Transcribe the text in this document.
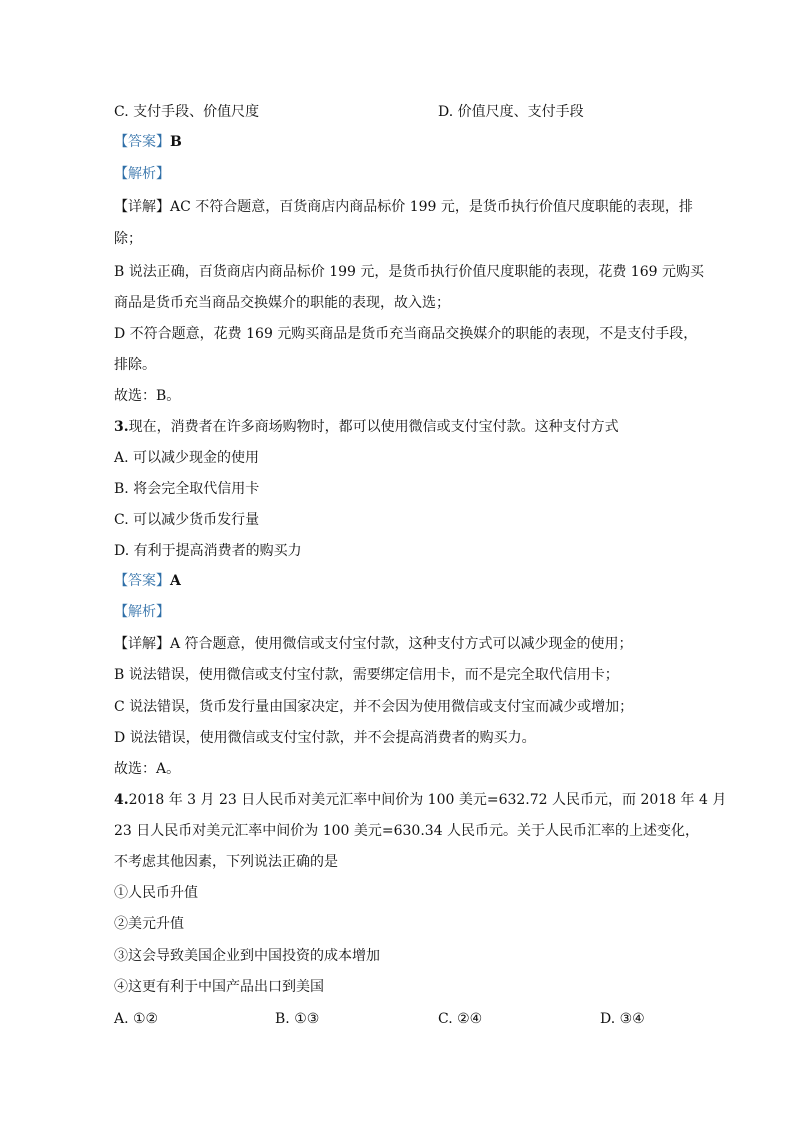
C. 支付手段、价值尺度	D. 价值尺度、支付手段
【答案】B
【解析】
【详解】AC 不符合题意，百货商店内商品标价 199 元，是货币执行价值尺度职能的表现，排
除；
B 说法正确，百货商店内商品标价 199 元，是货币执行价值尺度职能的表现，花费 169 元购买
商品是货币充当商品交换媒介的职能的表现，故入选；
D 不符合题意，花费 169 元购买商品是货币充当商品交换媒介的职能的表现，不是支付手段，
排除。
故选：B。
3.现在，消费者在许多商场购物时，都可以使用微信或支付宝付款。这种支付方式
A. 可以减少现金的使用
B. 将会完全取代信用卡
C. 可以减少货币发行量
D. 有利于提高消费者的购买力
【答案】A
【解析】
【详解】A 符合题意，使用微信或支付宝付款，这种支付方式可以减少现金的使用；
B 说法错误，使用微信或支付宝付款，需要绑定信用卡，而不是完全取代信用卡；
C 说法错误，货币发行量由国家决定，并不会因为使用微信或支付宝而减少或增加；
D 说法错误，使用微信或支付宝付款，并不会提高消费者的购买力。
故选：A。
4.2018 年 3 月 23 日人民币对美元汇率中间价为 100 美元=632.72 人民币元，而 2018 年 4 月
23 日人民币对美元汇率中间价为 100 美元=630.34 人民币元。关于人民币汇率的上述变化，
不考虑其他因素，下列说法正确的是
①人民币升值
②美元升值
③这会导致美国企业到中国投资的成本增加
④这更有利于中国产品出口到美国
A. ①②	B. ①③	C. ②④	D. ③④
